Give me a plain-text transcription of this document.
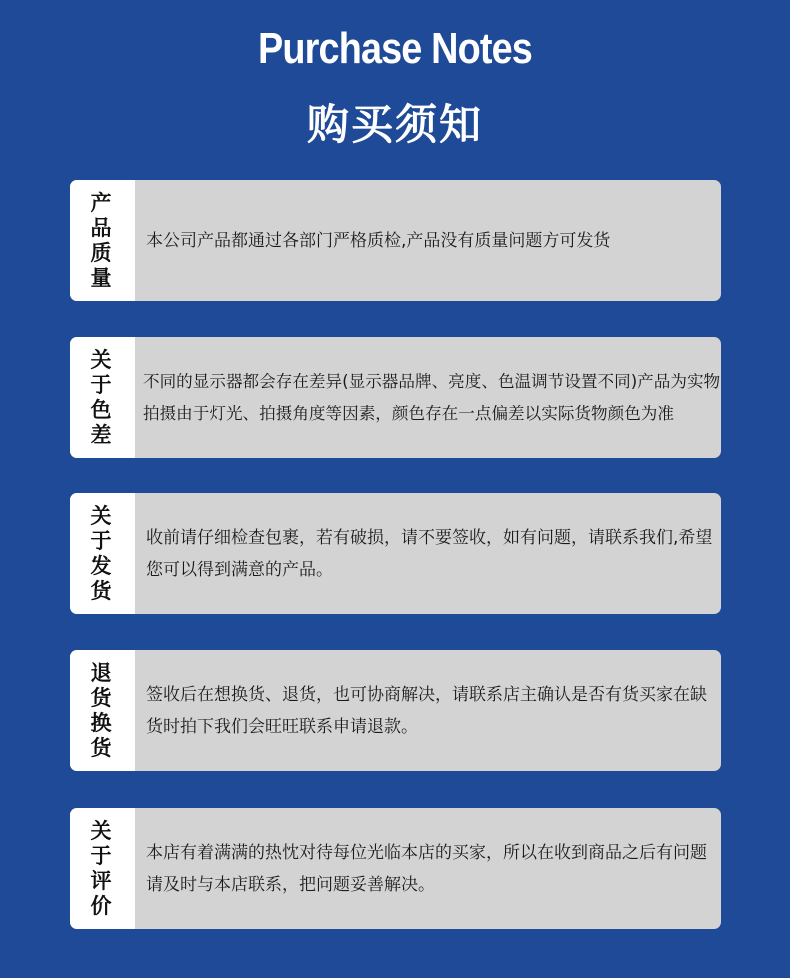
Purchase Notes
购买须知
产
品
质
量

本公司产品都通过各部门严格质检,产品没有质量问题方可发货

关
于
色
差

不同的显示器都会存在差异(显示器品牌、亮度、色温调节设置不同)产品为实物拍摄由于灯光、拍摄角度等因素，颜色存在一点偏差以实际货物颜色为准

关
于
发
货

收前请仔细检查包裹，若有破损，请不要签收，如有问题，请联系我们,希望您可以得到满意的产品。

退
货
换
货

签收后在想换货、退货，也可协商解决，请联系店主确认是否有货买家在缺货时拍下我们会旺旺联系申请退款。

关
于
评
价

本店有着满满的热忱对待每位光临本店的买家，所以在收到商品之后有问题请及时与本店联系，把问题妥善解决。
